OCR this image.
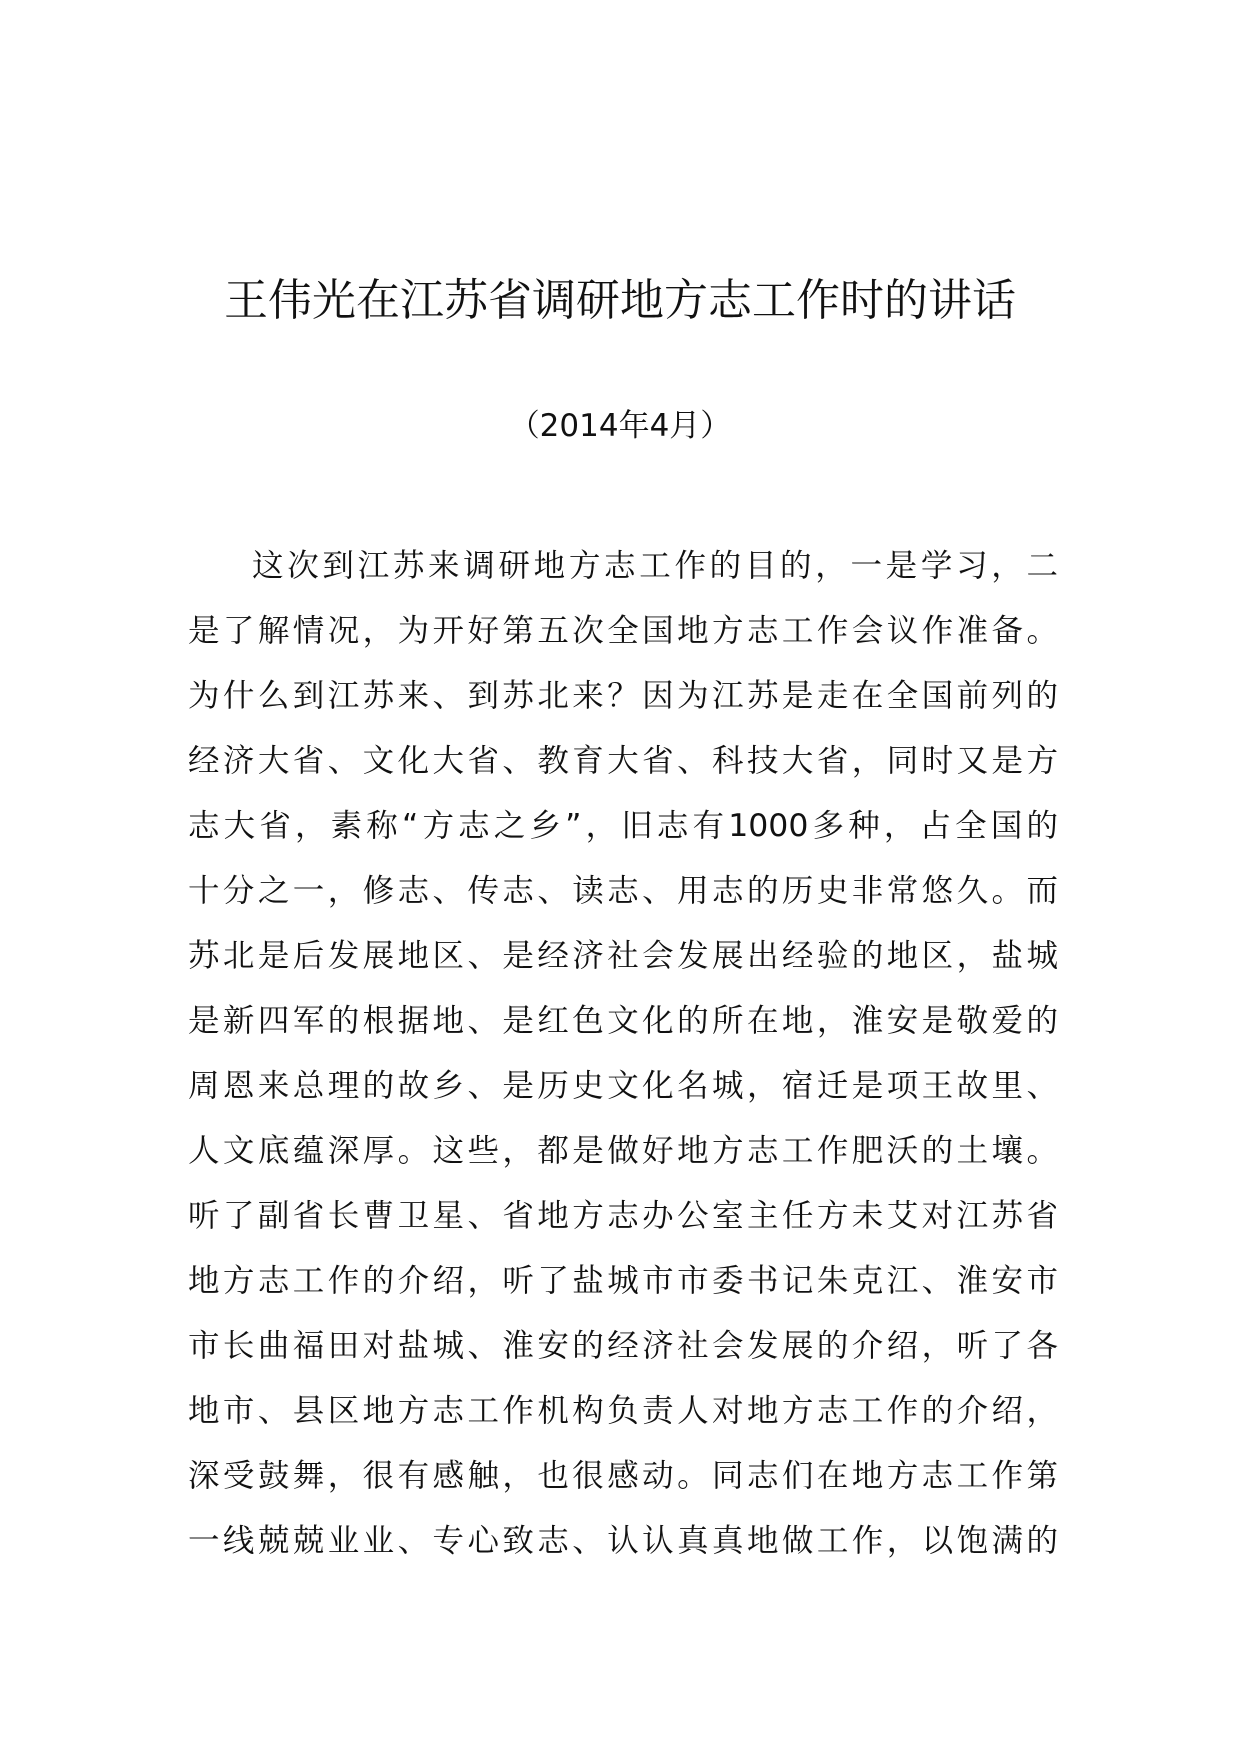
王伟光在江苏省调研地方志工作时的讲话
（2014年4月）
这次到江苏来调研地方志工作的目的，一是学习，二
是了解情况，为开好第五次全国地方志工作会议作准备。
为什么到江苏来、到苏北来？因为江苏是走在全国前列的
经济大省、文化大省、教育大省、科技大省，同时又是方
志大省，素称“方志之乡”，旧志有1000多种，占全国的
十分之一，修志、传志、读志、用志的历史非常悠久。而
苏北是后发展地区、是经济社会发展出经验的地区，盐城
是新四军的根据地、是红色文化的所在地，淮安是敬爱的
周恩来总理的故乡、是历史文化名城，宿迁是项王故里、
人文底蕴深厚。这些，都是做好地方志工作肥沃的土壤。
听了副省长曹卫星、省地方志办公室主任方未艾对江苏省
地方志工作的介绍，听了盐城市市委书记朱克江、淮安市
市长曲福田对盐城、淮安的经济社会发展的介绍，听了各
地市、县区地方志工作机构负责人对地方志工作的介绍，
深受鼓舞，很有感触，也很感动。同志们在地方志工作第
一线兢兢业业、专心致志、认认真真地做工作，以饱满的
